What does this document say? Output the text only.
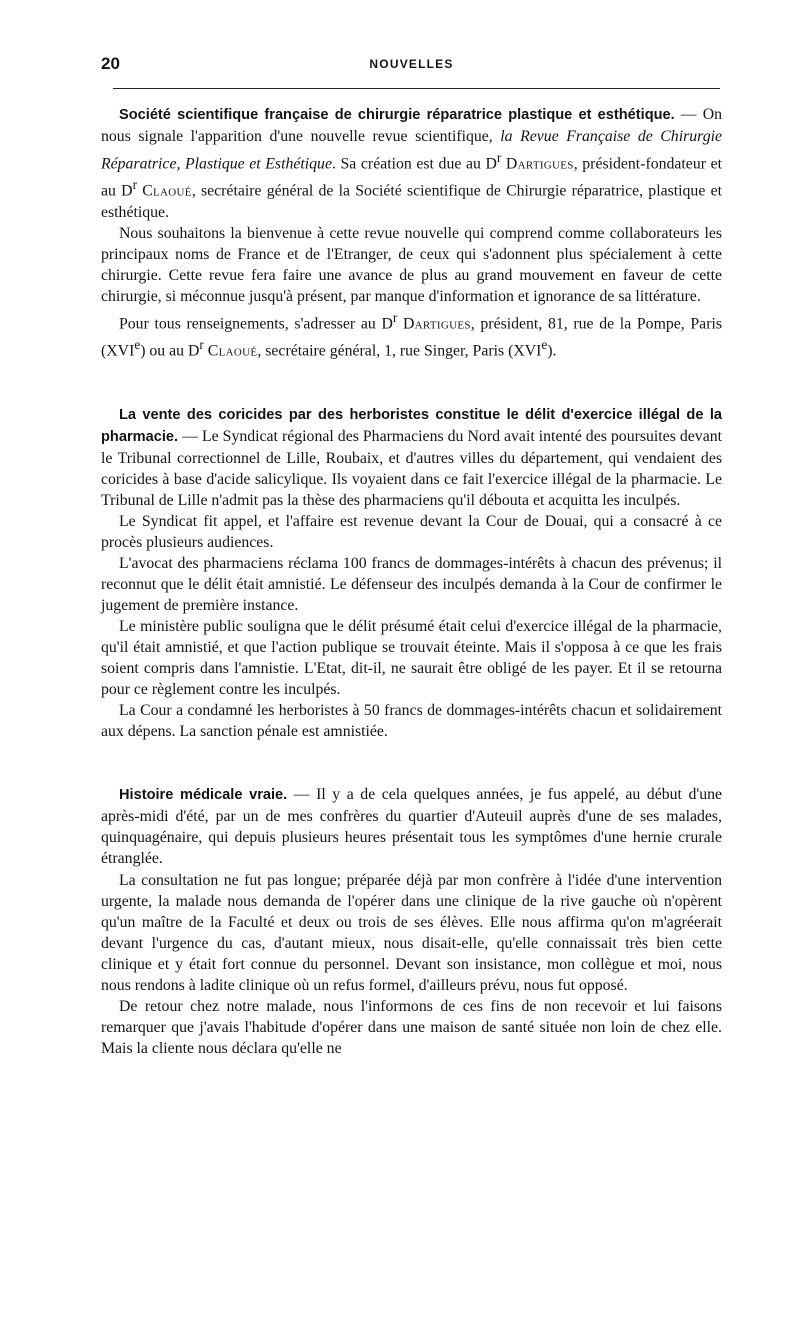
20	NOUVELLES

Société scientifique française de chirurgie réparatrice plastique et esthétique. — On nous signale l'apparition d'une nouvelle revue scientifique, la Revue Française de Chirurgie Réparatrice, Plastique et Esthétique. Sa création est due au $D^r$ Dartigues, président-fondateur et au $D^r$ Claoué, secrétaire général de la Société scientifique de Chirurgie réparatrice, plastique et esthétique.

Nous souhaitons la bienvenue à cette revue nouvelle qui comprend comme collaborateurs les principaux noms de France et de l'Etranger, de ceux qui s'adonnent plus spécialement à cette chirurgie. Cette revue fera faire une avance de plus au grand mouvement en faveur de cette chirurgie, si méconnue jusqu'à présent, par manque d'information et ignorance de sa littérature.

Pour tous renseignements, s'adresser au $D^r$ Dartigues, président, 81, rue de la Pompe, Paris (XVIe) ou au $D^r$ Claoué, secrétaire général, 1, rue Singer, Paris (XVIe).

La vente des coricides par des herboristes constitue le délit d'exercice illégal de la pharmacie. — Le Syndicat régional des Pharmaciens du Nord avait intenté des poursuites devant le Tribunal correctionnel de Lille, Roubaix, et d'autres villes du département, qui vendaient des coricides à base d'acide salicylique. Ils voyaient dans ce fait l'exercice illégal de la pharmacie. Le Tribunal de Lille n'admit pas la thèse des pharmaciens qu'il débouta et acquitta les inculpés.

Le Syndicat fit appel, et l'affaire est revenue devant la Cour de Douai, qui a consacré à ce procès plusieurs audiences.

L'avocat des pharmaciens réclama 100 francs de dommages-intérêts à chacun des prévenus; il reconnut que le délit était amnistié. Le défenseur des inculpés demanda à la Cour de confirmer le jugement de première instance.

Le ministère public souligna que le délit présumé était celui d'exercice illégal de la pharmacie, qu'il était amnistié, et que l'action publique se trouvait éteinte. Mais il s'opposa à ce que les frais soient compris dans l'amnistie. L'Etat, dit-il, ne saurait être obligé de les payer. Et il se retourna pour ce règlement contre les inculpés.

La Cour a condamné les herboristes à 50 francs de dommages-intérêts chacun et solidairement aux dépens. La sanction pénale est amnistiée.

Histoire médicale vraie. — Il y a de cela quelques années, je fus appelé, au début d'une après-midi d'été, par un de mes confrères du quartier d'Auteuil auprès d'une de ses malades, quinquagénaire, qui depuis plusieurs heures présentait tous les symptômes d'une hernie crurale étranglée.

La consultation ne fut pas longue; préparée déjà par mon confrère à l'idée d'une intervention urgente, la malade nous demanda de l'opérer dans une clinique de la rive gauche où n'opèrent qu'un maître de la Faculté et deux ou trois de ses élèves. Elle nous affirma qu'on m'agréerait devant l'urgence du cas, d'autant mieux, nous disait-elle, qu'elle connaissait très bien cette clinique et y était fort connue du personnel. Devant son insistance, mon collègue et moi, nous nous rendons à ladite clinique où un refus formel, d'ailleurs prévu, nous fut opposé.

De retour chez notre malade, nous l'informons de ces fins de non recevoir et lui faisons remarquer que j'avais l'habitude d'opérer dans une maison de santé située non loin de chez elle. Mais la cliente nous déclara qu'elle ne
